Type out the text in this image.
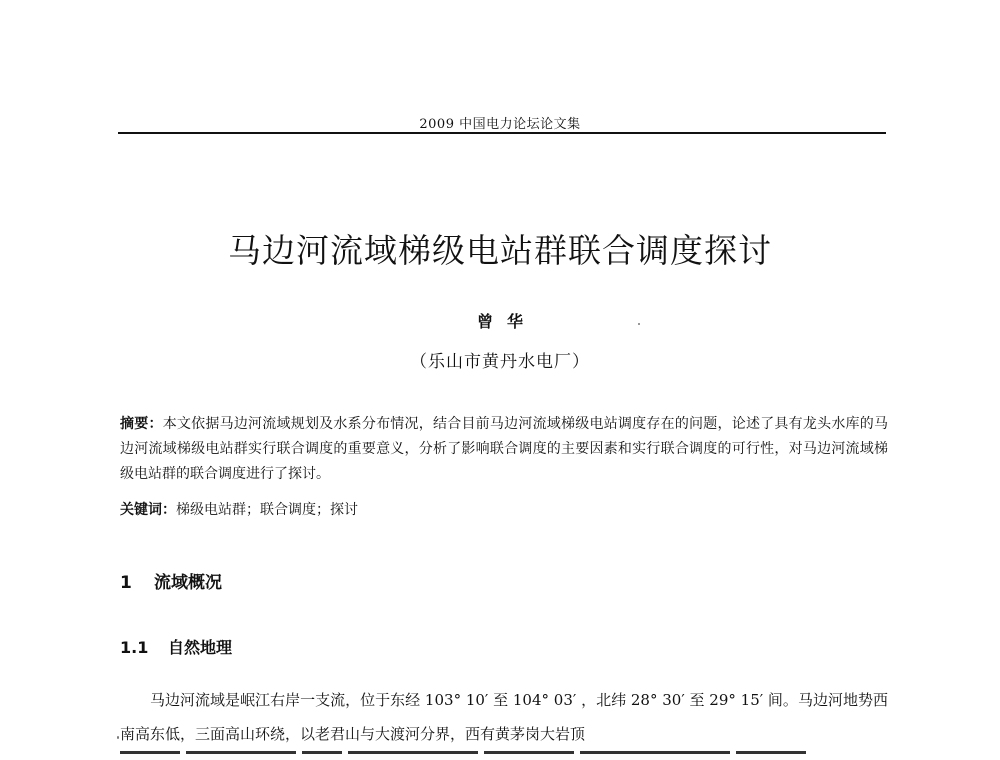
2009 中国电力论坛论文集
马边河流域梯级电站群联合调度探讨
曾华
（乐山市黄丹水电厂）
摘要：本文依据马边河流域规划及水系分布情况，结合目前马边河流域梯级电站调度存在的问题，论述了具有龙头水库的马边河流域梯级电站群实行联合调度的重要意义，分析了影响联合调度的主要因素和实行联合调度的可行性，对马边河流域梯级电站群的联合调度进行了探讨。
关键词：梯级电站群；联合调度；探讨
1 流域概况
1.1 自然地理
马边河流域是岷江右岸一支流，位于东经 103° 10′ 至 104° 03′ ，北纬 28° 30′ 至 29° 15′ 间。马边河地势西南高东低，三面高山环绕，以老君山与大渡河分界，西有黄茅岗大岩顶
